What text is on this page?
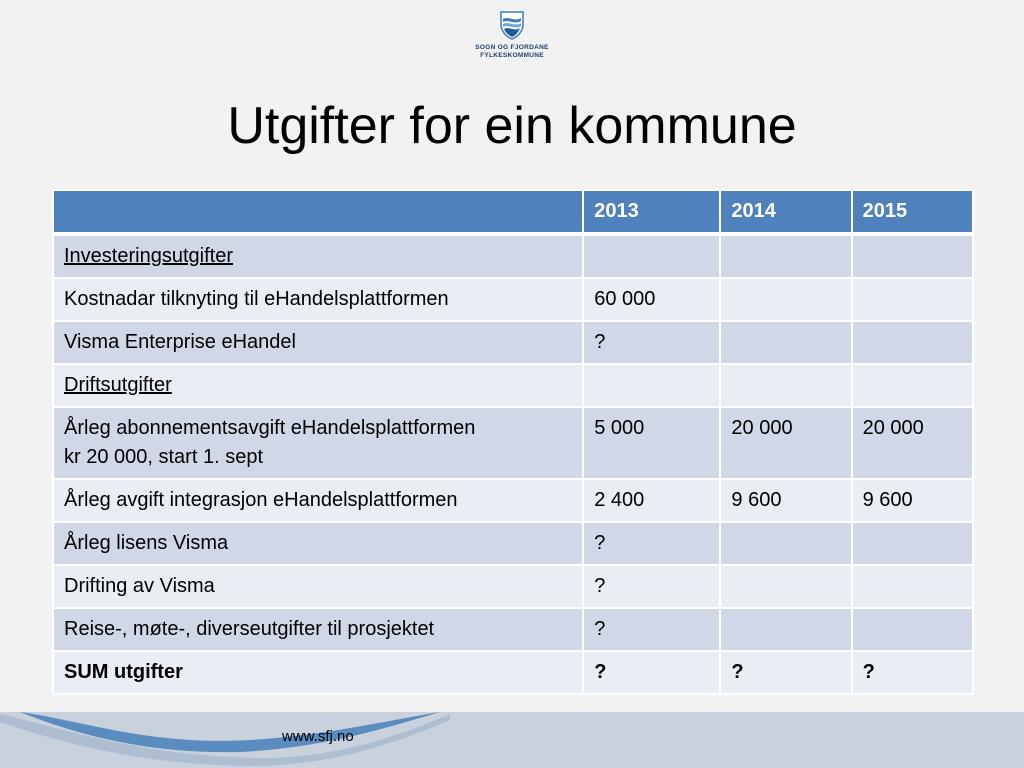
SOGN OG FJORDANE
FYLKESKOMMUNE
Utgifter for ein kommune
	2013	2014	2015
Investeringsutgifter			
Kostnadar tilknyting til eHandelsplattformen	60 000		
Visma Enterprise eHandel	?		
Driftsutgifter			

Årleg abonnementsavgift eHandelsplattformen
kr 20 000, start 1. sept	5 000	20 000	20 000
Årleg avgift integrasjon eHandelsplattformen	2 400	9 600	9 600
Årleg lisens Visma	?		
Drifting av Visma	?		
Reise-, møte-, diverseutgifter til prosjektet	?		
SUM utgifter	?	?	?
www.sfj.no
